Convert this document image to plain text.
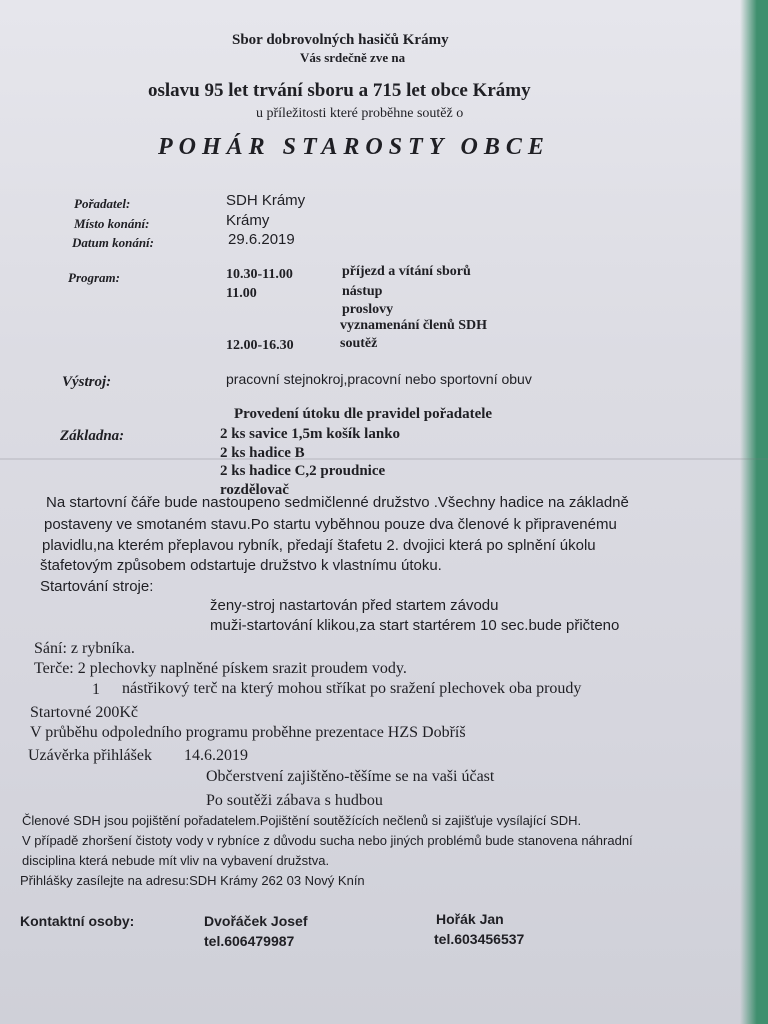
Sbor dobrovolných hasičů Krámy

Vás srdečně zve na

oslavu 95 let trvání sboru a 715 let obce Krámy

u příležitosti které proběhne soutěž o

POHÁR STAROSTY OBCE

Pořadatel:	SDH Krámy

Místo konání:	Krámy

Datum konání:	29.6.2019

Program:	10.30-11.00	příjezd a vítání sborů

11.00	nástup

proslovy

vyznamenání členů SDH

12.00-16.30	soutěž

Výstroj:	pracovní stejnokroj,pracovní nebo sportovní obuv

Provedení útoku dle pravidel pořadatele

Základna:	2 ks savice 1,5m košík lanko

2 ks hadice B

2 ks hadice C,2 proudnice

rozdělovač

Na startovní čáře bude nastoupeno sedmičlenné družstvo .Všechny hadice na základně

postaveny ve smotaném stavu.Po startu vyběhnou pouze dva členové k připravenému

plavidlu,na kterém přeplavou rybník, předají štafetu 2. dvojici která po splnění úkolu

štafetovým způsobem odstartuje družstvo k vlastnímu útoku.

Startování stroje:

ženy-stroj nastartován před startem závodu

muži-startování klikou,za start startérem 10 sec.bude přičteno

Sání: z rybníka.

Terče: 2 plechovky naplněné pískem srazit proudem vody.

1 nástřikový terč na který mohou stříkat po sražení plechovek oba proudy

Startovné 200Kč

V průběhu odpoledního programu proběhne prezentace HZS Dobříš

Uzávěrka přihlášek 14.6.2019

Občerstvení zajištěno-těšíme se na vaši účast

Po soutěži zábava s hudbou

Členové SDH jsou pojištění pořadatelem.Pojištění soutěžících nečlenů si zajišťuje vysílající SDH.

V případě zhoršení čistoty vody v rybníce z důvodu sucha nebo jiných problémů bude stanovena náhradní

disciplina která nebude mít vliv na vybavení družstva.

Přihlášky zasílejte na adresu:SDH Krámy 262 03 Nový Knín

Kontaktní osoby:	Dvořáček Josef

tel.606479987

Hořák Jan

tel.603456537
